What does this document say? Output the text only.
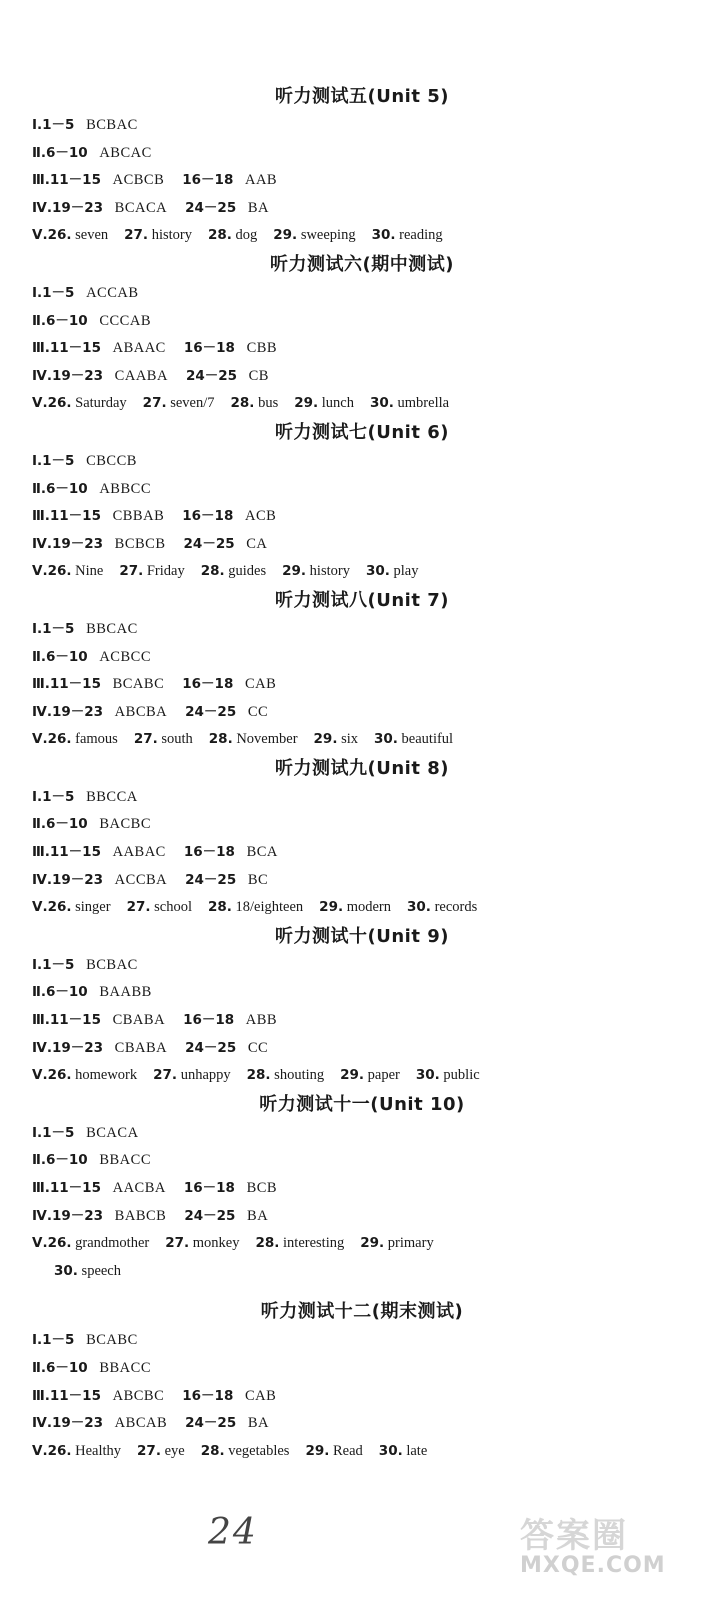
听力测试五(Unit 5)
Ⅰ.1－5 BCBAC
Ⅱ.6－10 ABCAC
Ⅲ.11－15 ACBCB 16－18 AAB
Ⅳ.19－23 BCACA 24－25 BA
Ⅴ.26. seven 27. history 28. dog 29. sweeping 30. reading
听力测试六(期中测试)
Ⅰ.1－5 ACCAB
Ⅱ.6－10 CCCAB
Ⅲ.11－15 ABAAC 16－18 CBB
Ⅳ.19－23 CAABA 24－25 CB
Ⅴ.26. Saturday 27. seven/7 28. bus 29. lunch 30. umbrella
听力测试七(Unit 6)
Ⅰ.1－5 CBCCB
Ⅱ.6－10 ABBCC
Ⅲ.11－15 CBBAB 16－18 ACB
Ⅳ.19－23 BCBCB 24－25 CA
Ⅴ.26. Nine 27. Friday 28. guides 29. history 30. play
听力测试八(Unit 7)
Ⅰ.1－5 BBCAC
Ⅱ.6－10 ACBCC
Ⅲ.11－15 BCABC 16－18 CAB
Ⅳ.19－23 ABCBA 24－25 CC
Ⅴ.26. famous 27. south 28. November 29. six 30. beautiful
听力测试九(Unit 8)
Ⅰ.1－5 BBCCA
Ⅱ.6－10 BACBC
Ⅲ.11－15 AABAC 16－18 BCA
Ⅳ.19－23 ACCBA 24－25 BC
Ⅴ.26. singer 27. school 28. 18/eighteen 29. modern 30. records
听力测试十(Unit 9)
Ⅰ.1－5 BCBAC
Ⅱ.6－10 BAABB
Ⅲ.11－15 CBABA 16－18 ABB
Ⅳ.19－23 CBABA 24－25 CC
Ⅴ.26. homework 27. unhappy 28. shouting 29. paper 30. public
听力测试十一(Unit 10)
Ⅰ.1－5 BCACA
Ⅱ.6－10 BBACC
Ⅲ.11－15 AACBA 16－18 BCB
Ⅳ.19－23 BABCB 24－25 BA
Ⅴ.26. grandmother 27. monkey 28. interesting 29. primary
30. speech
听力测试十二(期末测试)
Ⅰ.1－5 BCABC
Ⅱ.6－10 BBACC
Ⅲ.11－15 ABCBC 16－18 CAB
Ⅳ.19－23 ABCAB 24－25 BA
Ⅴ.26. Healthy 27. eye 28. vegetables 29. Read 30. late
24	答案圈
MXQE.COM
